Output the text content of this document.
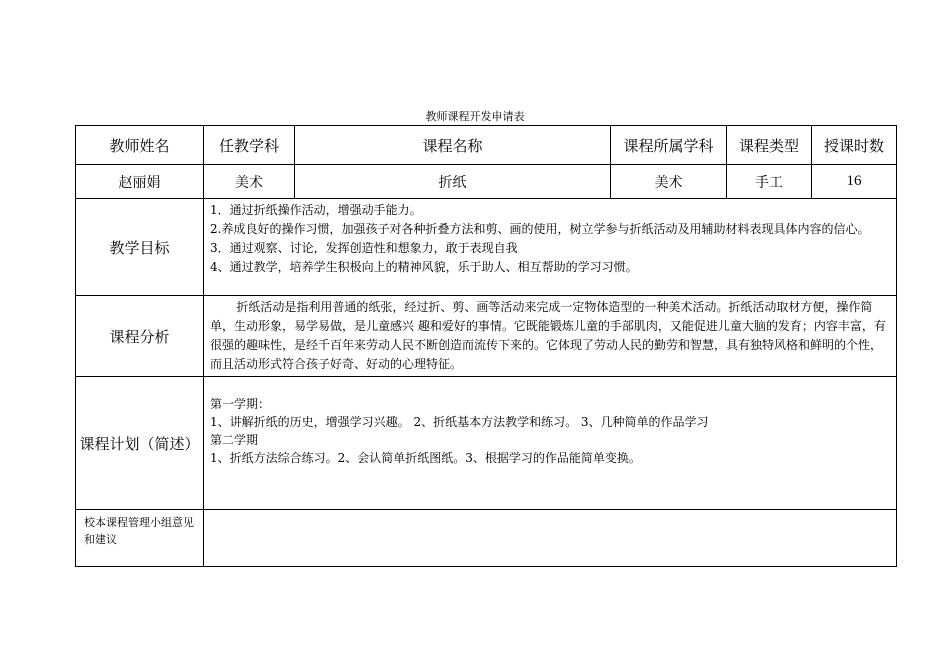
教师课程开发申请表
教师姓名	任教学科	课程名称	课程所属学科	课程类型	授课时数
赵丽娟	美术	折纸	美术	手工	16
教学目标	1．通过折纸操作活动，增强动手能力。

2.养成良好的操作习惯，加强孩子对各种折叠方法和剪、画的使用，树立学参与折纸活动及用辅助材料表现具体内容的信心。

3．通过观察、讨论，发挥创造性和想象力，敢于表现自我

4、通过教学，培养学生积极向上的精神风貌，乐于助人、相互帮助的学习习惯。				

课程分析	折纸活动是指利用普通的纸张，经过折、剪、画等活动来完成一定物体造型的一种美术活动。折纸活动取材方便，操作简单，生动形象，易学易做，是儿童感兴 趣和爱好的事情。它既能锻炼儿童的手部肌肉，又能促进儿童大脑的发育；内容丰富，有很强的趣味性，是经千百年来劳动人民不断创造而流传下来的。它体现了劳动人民的勤劳和智慧，具有独特风格和鲜明的个性，而且活动形式符合孩子好奇、好动的心理特征。				

课程计划（简述）	第一学期：

1、讲解折纸的历史，增强学习兴趣。 2、折纸基本方法教学和练习。 3、几种简单的作品学习

第二学期

1、折纸方法综合练习。2、会认简单折纸图纸。3、根据学习的作品能简单变换。				

校本课程管理小组意见和建议					
